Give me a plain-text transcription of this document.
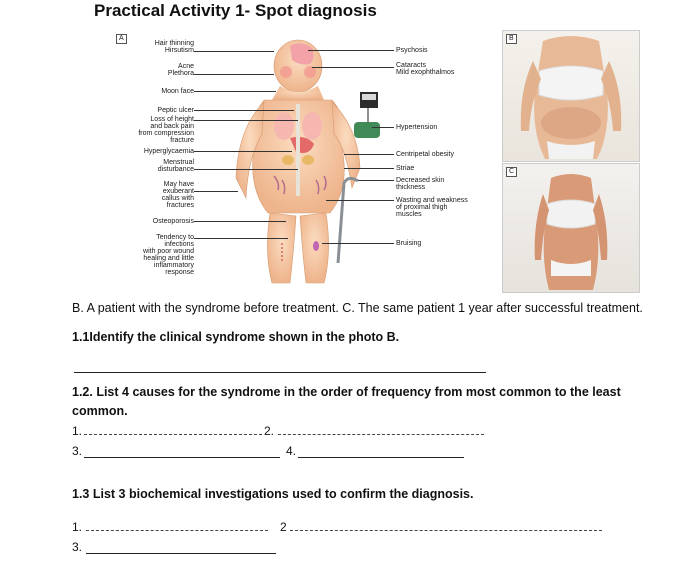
Practical Activity 1- Spot diagnosis
A
Hair thinning
Hirsutism
Acne
Plethora
Moon face
Peptic ulcer
Loss of height
and back pain
from compression
fracture
Hyperglycaemia
Menstrual
disturbance
May have
exuberant
callus with
fractures
Osteoporosis
Tendency to
infections
with poor wound
healing and little
inflammatory
response
Psychosis
Cataracts
Mild exophthalmos
Hypertension
Centripetal obesity
Striae
Decreased skin
thickness
Wasting and weakness
of proximal thigh
muscles
Bruising
B
C
B. A patient with the syndrome before treatment. C. The same patient 1 year after successful treatment.
1.1Identify the clinical syndrome shown in the photo B.
1.2. List 4 causes for the syndrome in the order of frequency from most common to the least
common.
1.	2.
3.	4.
1.3 List 3 biochemical investigations used to confirm the diagnosis.
1.	2
3.
